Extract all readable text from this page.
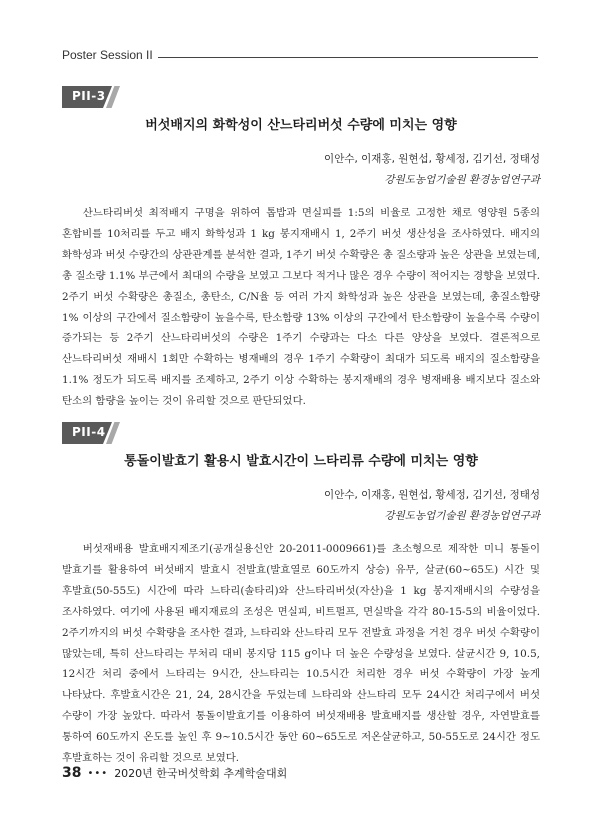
Poster Session II
PII-3
버섯배지의 화학성이 산느타리버섯 수량에 미치는 영향
이안수, 이재홍, 원현섭, 황세정, 김기선, 정태성
강원도농업기술원 환경농업연구과
산느타리버섯 최적배지 구명을 위하여 톱밥과 면실피를 1:5의 비율로 고정한 채로 영양원 5종의 혼합비를 10처리를 두고 배지 화학성과 1 kg 봉지재배시 1, 2주기 버섯 생산성을 조사하였다. 배지의 화학성과 버섯 수량간의 상관관계를 분석한 결과, 1주기 버섯 수확량은 총 질소량과 높은 상관을 보였는데, 총 질소량 1.1% 부근에서 최대의 수량을 보였고 그보다 적거나 많은 경우 수량이 적어지는 경향을 보였다. 2주기 버섯 수확량은 총질소, 총탄소, C/N율 등 여러 가지 화학성과 높은 상관을 보였는데, 총질소함량 1% 이상의 구간에서 질소함량이 높을수록, 탄소함량 13% 이상의 구간에서 탄소함량이 높을수록 수량이 증가되는 등 2주기 산느타리버섯의 수량은 1주기 수량과는 다소 다른 양상을 보였다. 결론적으로 산느타리버섯 재배시 1회만 수확하는 병재배의 경우 1주기 수확량이 최대가 되도록 배지의 질소함량을 1.1% 정도가 되도록 배지를 조제하고, 2주기 이상 수확하는 봉지재배의 경우 병재배용 배지보다 질소와 탄소의 함량을 높이는 것이 유리할 것으로 판단되었다.
PII-4
통돌이발효기 활용시 발효시간이 느타리류 수량에 미치는 영향
이안수, 이재홍, 원현섭, 황세정, 김기선, 정태성
강원도농업기술원 환경농업연구과
버섯재배용 발효배지제조기(공개실용신안 20-2011-0009661)를 초소형으로 제작한 미니 통돌이 발효기를 활용하여 버섯배지 발효시 전발효(발효열로 60도까지 상승) 유무, 살균(60~65도) 시간 및 후발효(50-55도) 시간에 따라 느타리(솔타리)와 산느타리버섯(자산)을 1 kg 봉지재배시의 수량성을 조사하였다. 여기에 사용된 배지재료의 조성은 면실피, 비트펄프, 면실박을 각각 80-15-5의 비율이었다. 2주기까지의 버섯 수확량을 조사한 결과, 느타리와 산느타리 모두 전발효 과정을 거친 경우 버섯 수확량이 많았는데, 특히 산느타리는 무처리 대비 봉지당 115 g이나 더 높은 수량성을 보였다. 살균시간 9, 10.5, 12시간 처리 중에서 느타리는 9시간, 산느타리는 10.5시간 처리한 경우 버섯 수확량이 가장 높게 나타났다. 후발효시간은 21, 24, 28시간을 두었는데 느타리와 산느타리 모두 24시간 처리구에서 버섯 수량이 가장 높았다. 따라서 통돌이발효기를 이용하여 버섯재배용 발효배지를 생산할 경우, 자연발효를 통하여 60도까지 온도를 높인 후 9~10.5시간 동안 60~65도로 저온살균하고, 50-55도로 24시간 정도 후발효하는 것이 유리할 것으로 보였다.
38 ••• 2020년 한국버섯학회 추계학술대회
